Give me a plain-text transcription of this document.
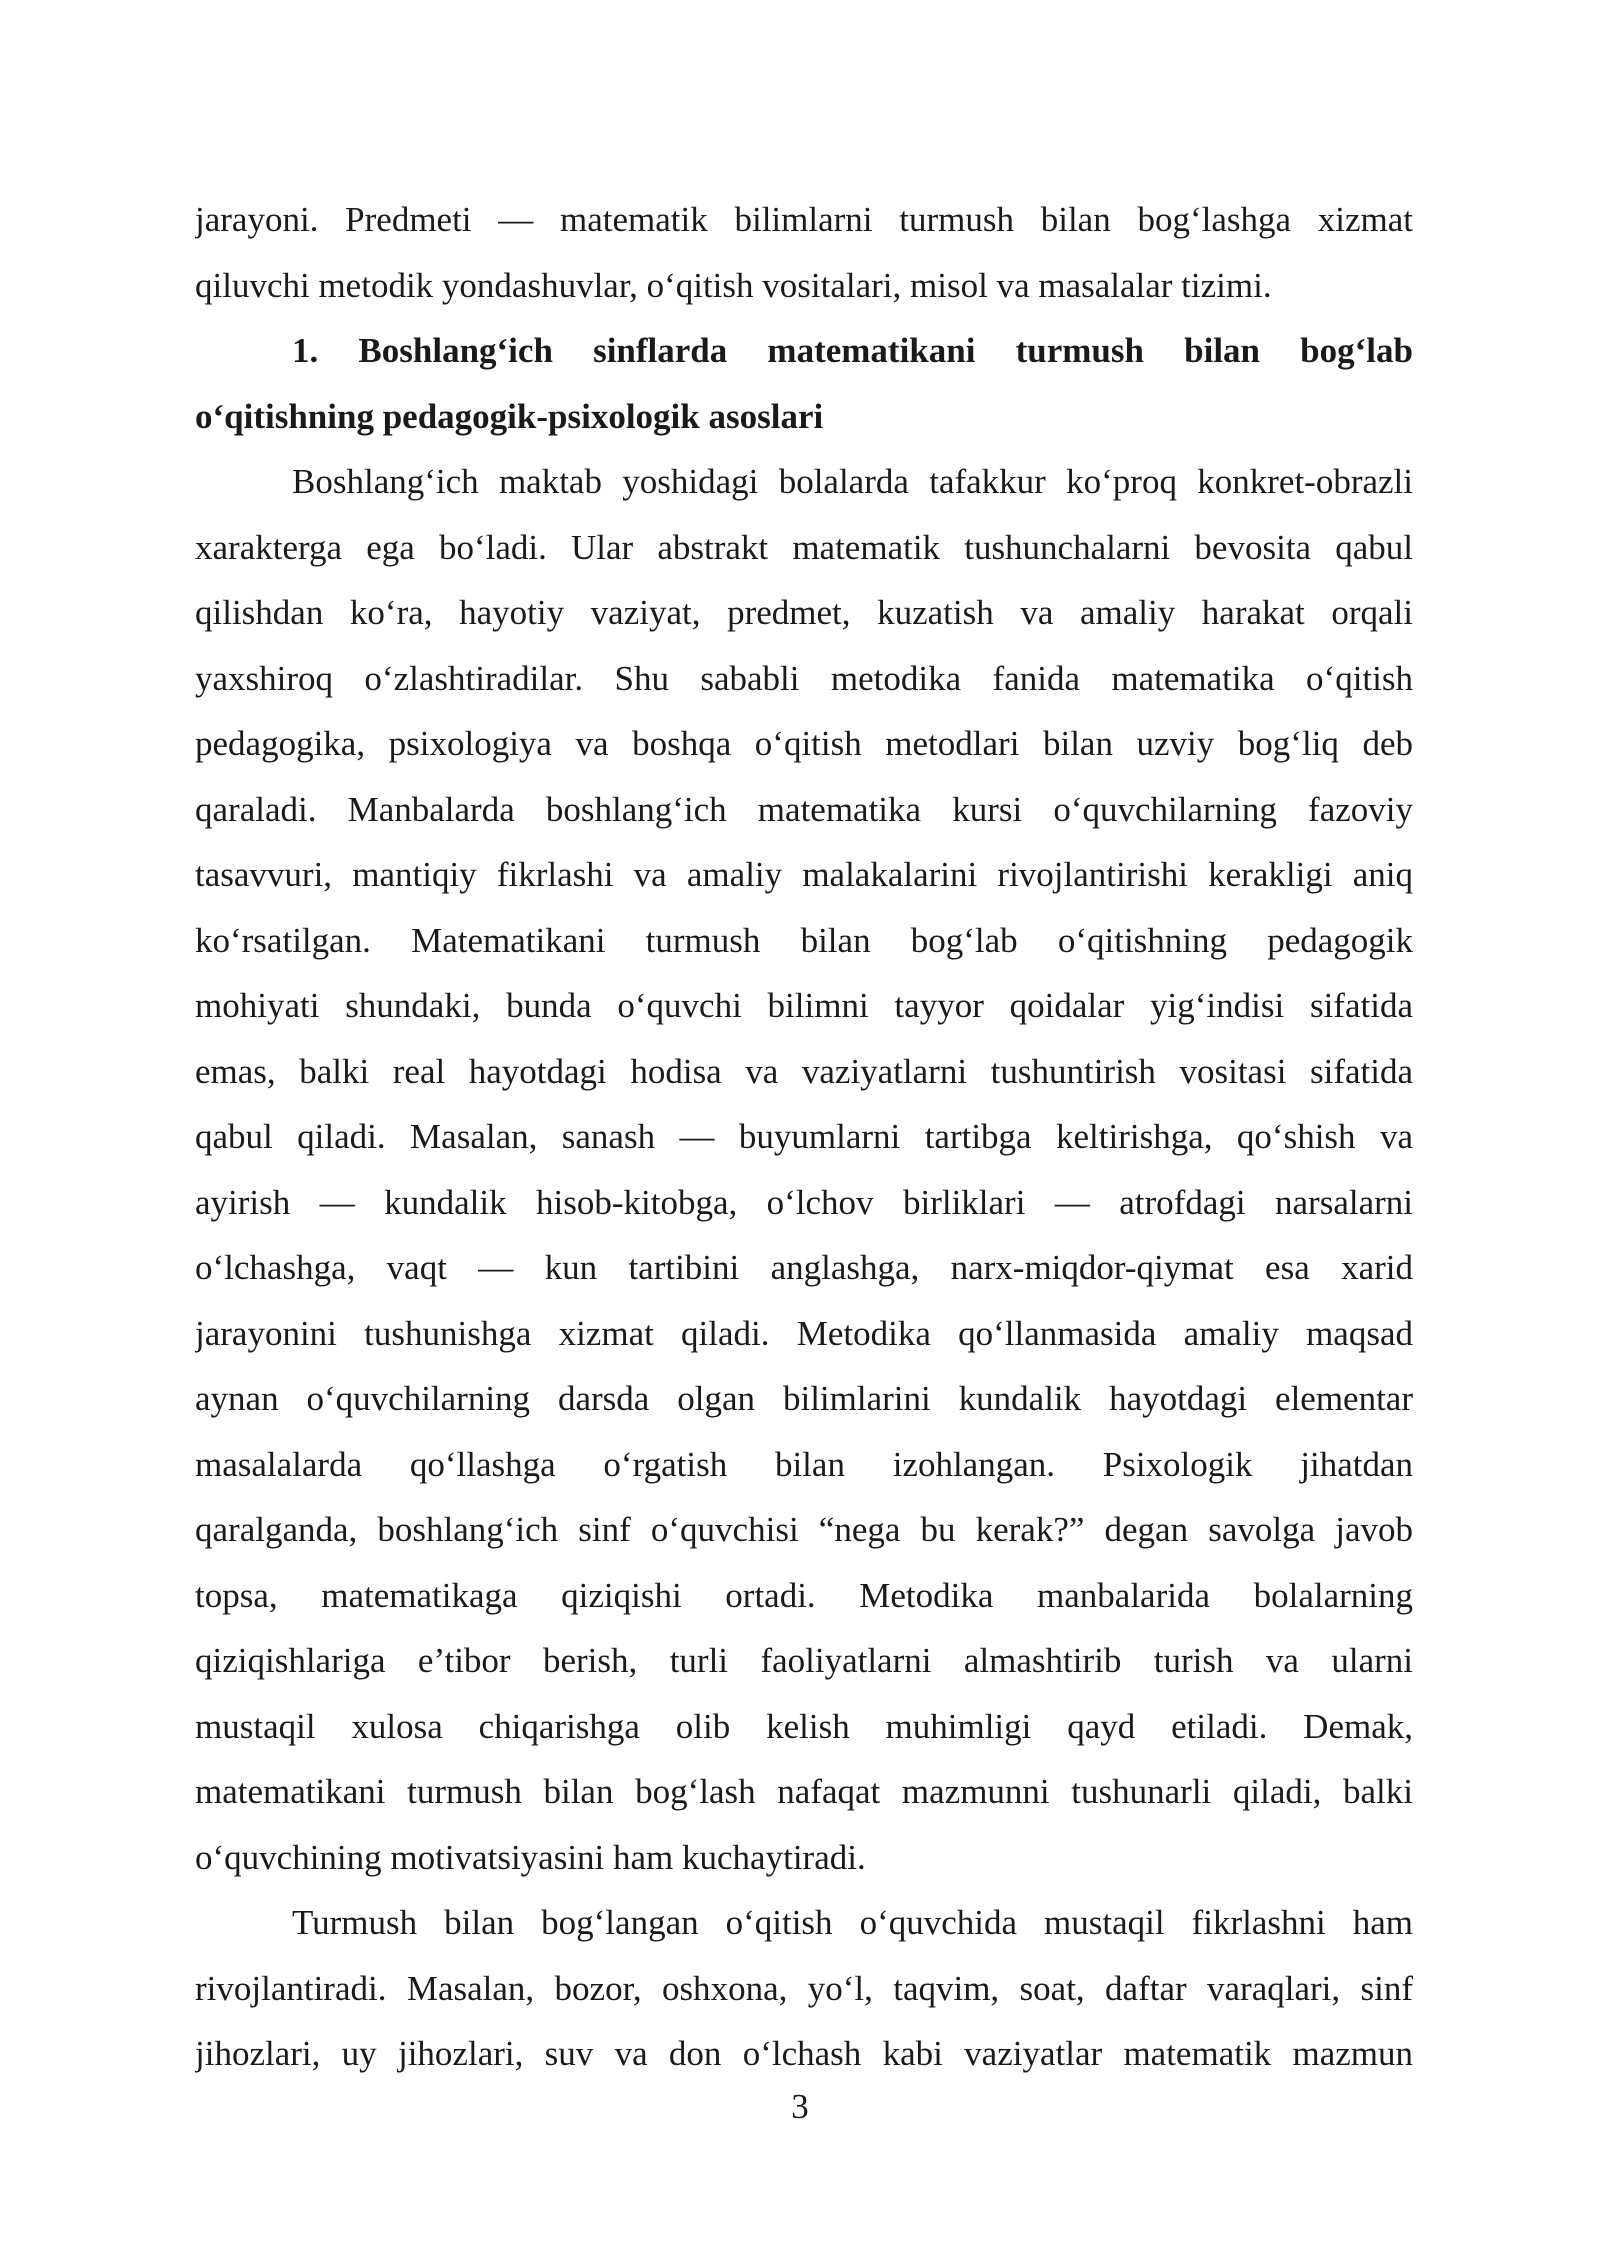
jarayoni. Predmeti — matematik bilimlarni turmush bilan bog‘lashga xizmat
qiluvchi metodik yondashuvlar, o‘qitish vositalari, misol va masalalar tizimi.
1. Boshlang‘ich sinflarda matematikani turmush bilan bog‘lab
o‘qitishning pedagogik-psixologik asoslari
Boshlang‘ich maktab yoshidagi bolalarda tafakkur ko‘proq konkret-obrazli
xarakterga ega bo‘ladi. Ular abstrakt matematik tushunchalarni bevosita qabul
qilishdan ko‘ra, hayotiy vaziyat, predmet, kuzatish va amaliy harakat orqali
yaxshiroq o‘zlashtiradilar. Shu sababli metodika fanida matematika o‘qitish
pedagogika, psixologiya va boshqa o‘qitish metodlari bilan uzviy bog‘liq deb
qaraladi. Manbalarda boshlang‘ich matematika kursi o‘quvchilarning fazoviy
tasavvuri, mantiqiy fikrlashi va amaliy malakalarini rivojlantirishi kerakligi aniq
ko‘rsatilgan. Matematikani turmush bilan bog‘lab o‘qitishning pedagogik
mohiyati shundaki, bunda o‘quvchi bilimni tayyor qoidalar yig‘indisi sifatida
emas, balki real hayotdagi hodisa va vaziyatlarni tushuntirish vositasi sifatida
qabul qiladi. Masalan, sanash — buyumlarni tartibga keltirishga, qo‘shish va
ayirish — kundalik hisob-kitobga, o‘lchov birliklari — atrofdagi narsalarni
o‘lchashga, vaqt — kun tartibini anglashga, narx-miqdor-qiymat esa xarid
jarayonini tushunishga xizmat qiladi. Metodika qo‘llanmasida amaliy maqsad
aynan o‘quvchilarning darsda olgan bilimlarini kundalik hayotdagi elementar
masalalarda qo‘llashga o‘rgatish bilan izohlangan. Psixologik jihatdan
qaralganda, boshlang‘ich sinf o‘quvchisi “nega bu kerak?” degan savolga javob
topsa, matematikaga qiziqishi ortadi. Metodika manbalarida bolalarning
qiziqishlariga e’tibor berish, turli faoliyatlarni almashtirib turish va ularni
mustaqil xulosa chiqarishga olib kelish muhimligi qayd etiladi. Demak,
matematikani turmush bilan bog‘lash nafaqat mazmunni tushunarli qiladi, balki
o‘quvchining motivatsiyasini ham kuchaytiradi.
Turmush bilan bog‘langan o‘qitish o‘quvchida mustaqil fikrlashni ham
rivojlantiradi. Masalan, bozor, oshxona, yo‘l, taqvim, soat, daftar varaqlari, sinf
jihozlari, uy jihozlari, suv va don o‘lchash kabi vaziyatlar matematik mazmun
3
